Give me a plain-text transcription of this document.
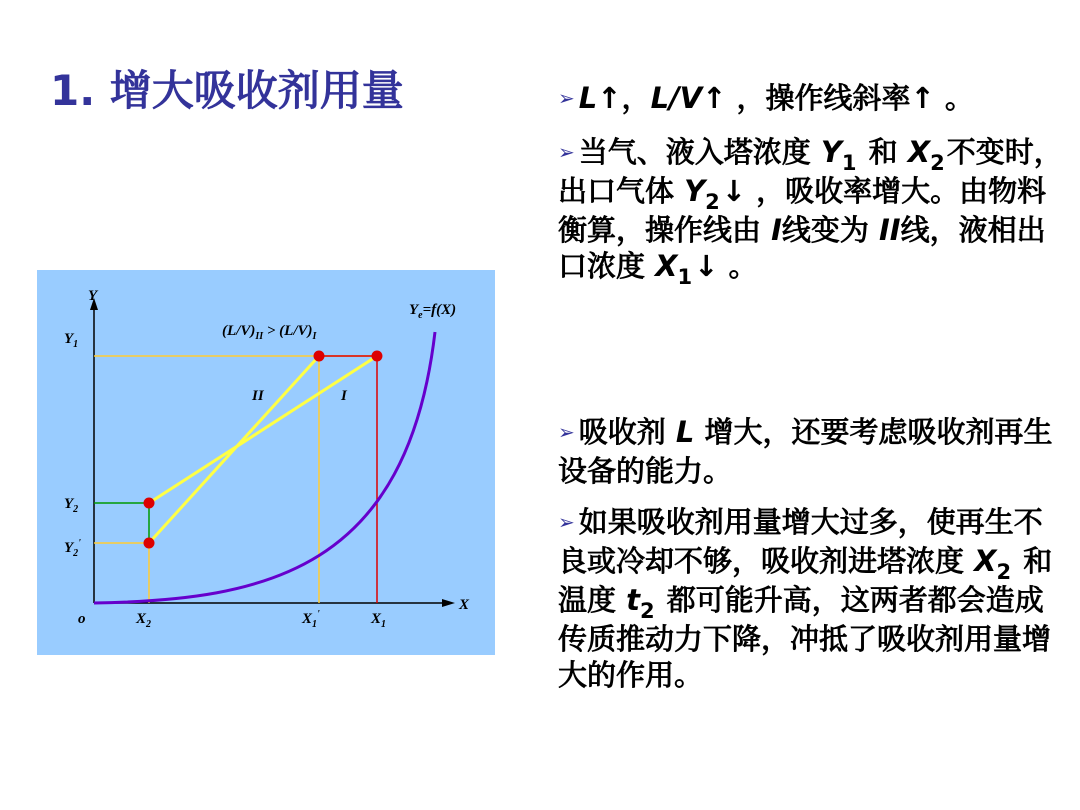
1. 增大吸收剂用量
Y
X
o
$Y_1$
$Y_2$
$Y_2'$
$X_2$	$X_1'$	$X_1$
II	I
$Y_e=f(X)$
$(L/V)_{II} > (L/V)_I$
➢ L↑，L/V↑ ，操作线斜率↑ 。
➢ 当气、液入塔浓度 $Y_1$ 和 $X_2$不变时，出口气体 $Y_2↓$ ，吸收率增大。由物料衡算，操作线由 I线变为 II线，液相出口浓度 $X_1↓$ 。
➢ 吸收剂 L 增大，还要考虑吸收剂再生设备的能力。
➢ 如果吸收剂用量增大过多，使再生不良或冷却不够，吸收剂进塔浓度 $X_2$ 和温度 $t_2$ 都可能升高，这两者都会造成传质推动力下降，冲抵了吸收剂用量增大的作用。
